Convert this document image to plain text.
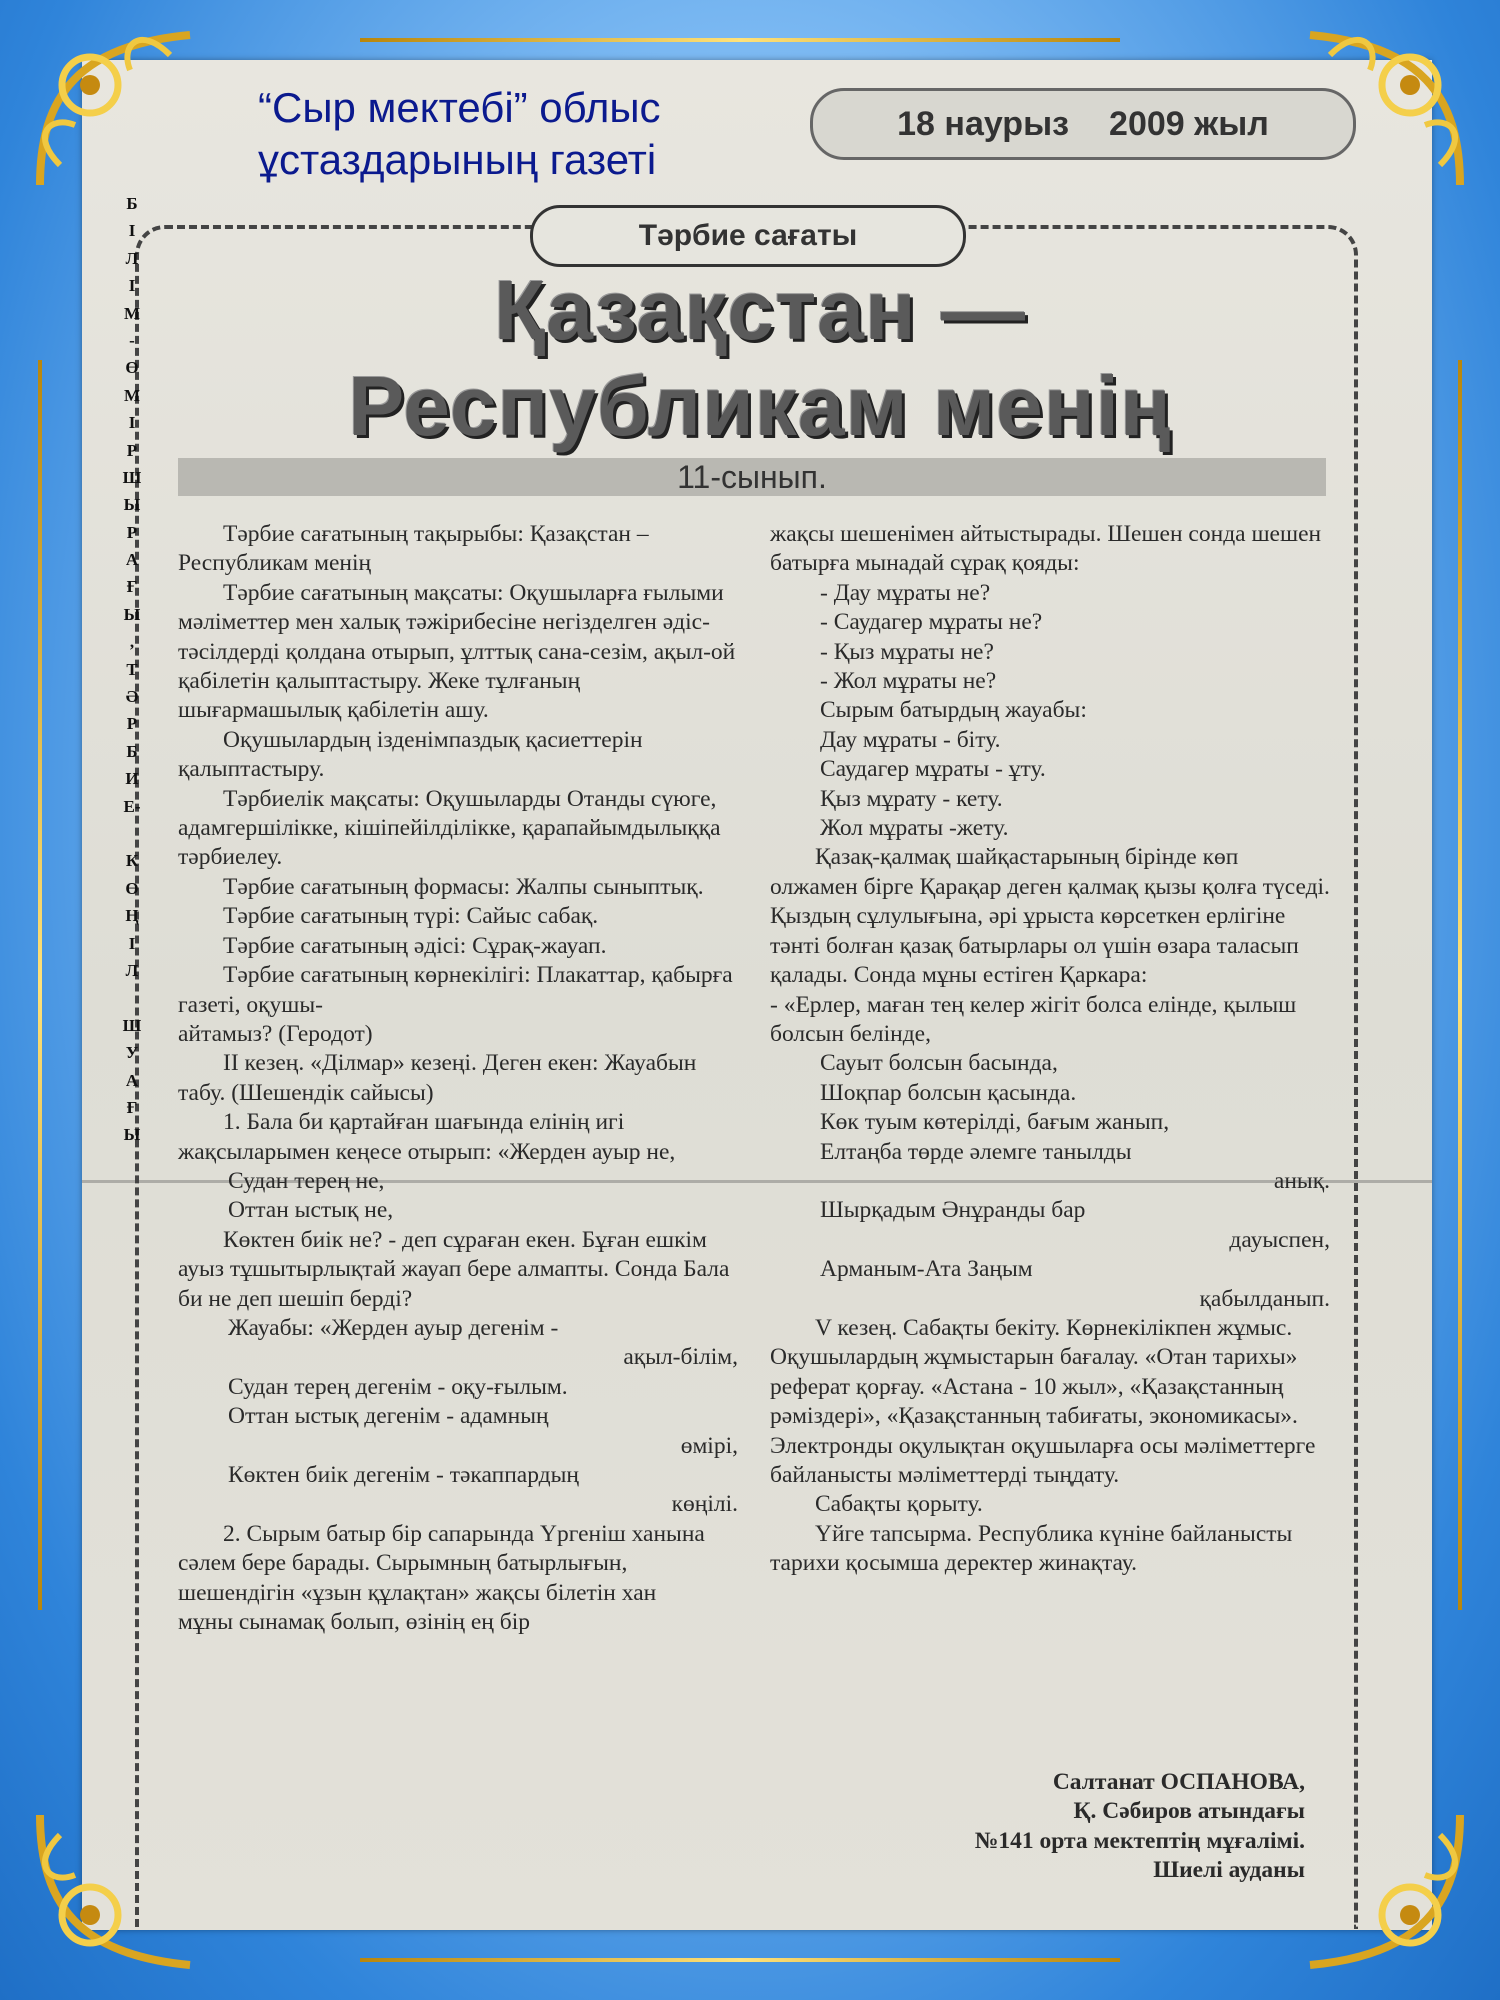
“Сыр мектебі” облыс
ұстаздарының газеті
18 наурыз 2009 жыл
Тәрбие сағаты
Қазақстан —
Республикам менің
11-сынып.

Тәрбие сағатының тақырыбы: Қазақстан – Республикам менің

Тәрбие сағатының мақсаты: Оқушыларға ғылыми мәліметтер мен халық тәжірибесіне негізделген әдіс-тәсілдерді қолдана отырып, ұлттық сана-сезім, ақыл-ой қабілетін қалыптастыру. Жеке тұлғаның шығармашылық қабілетін ашу.

Оқушылардың ізденімпаздық қасиеттерін қалыптастыру.

Тәрбиелік мақсаты: Оқушыларды Отанды сүюге, адамгершілікке, кішіпейілділікке, қарапайымдылыққа тәрбиелеу.

Тәрбие сағатының формасы: Жалпы сыныптық.

Тәрбие сағатының түрі: Сайыс сабақ.

Тәрбие сағатының әдісі: Сұрақ-жауап.

Тәрбие сағатының көрнекілігі: Плакаттар, қабырға газеті, оқушы-

айтамыз? (Геродот)

ІІ кезең. «Ділмар» кезеңі. Деген екен: Жауабын табу. (Шешендік сайысы)

1. Бала би қартайған шағында елінің игі жақсыларымен кеңесе отырып: «Жерден ауыр не,

Судан терең не,

Оттан ыстық не,

Көктен биік не? - деп сұраған екен. Бұған ешкім ауыз тұшытырлықтай жауап бере алмапты. Сонда Бала би не деп шешіп берді?

Жауабы: «Жерден ауыр дегенім -

ақыл-білім,

Судан терең дегенім - оқу-ғылым.

Оттан ыстық дегенім - адамның

өмірі,

Көктен биік дегенім - тәкаппардың

көңілі.

2. Сырым батыр бір сапарында Үргеніш ханына сәлем бере барады. Сырымның батырлығын, шешендігін «ұзын құлақтан» жақсы білетін хан

мұны сынамақ болып, өзінің ең бір

жақсы шешенімен айтыстырады. Шешен сонда шешен батырға мынадай сұрақ қояды:

- Дау мұраты не?

- Саудагер мұраты не?

- Қыз мұраты не?

- Жол мұраты не?

Сырым батырдың жауабы:

Дау мұраты - біту.

Саудагер мұраты - ұту.

Қыз мұрату - кету.

Жол мұраты -жету.

Қазақ-қалмақ шайқастарының бірінде көп олжамен бірге Қарақар деген қалмақ қызы қолға түседі. Қыздың сұлулығына, әрі ұрыста көрсеткен ерлігіне тәнті болған қазақ батырлары ол үшін өзара таласып қалады. Сонда мұны естіген Қаркара:

- «Ерлер, маған тең келер жігіт болса елінде, қылыш болсын белінде,

Сауыт болсын басында,

Шоқпар болсын қасында.

Көк туым көтерілді, бағым жанып,

Елтаңба төрде әлемге танылды

анық.

Шырқадым Әнұранды бар

дауыспен,

Арманым-Ата Заңым

қабылданып.

V кезең. Сабақты бекіту. Көрнекілікпен жұмыс. Оқушылардың жұмыстарын бағалау. «Отан тарихы» реферат қорғау. «Астана - 10 жыл», «Қазақстанның рәміздері», «Қазақстанның табиғаты, экономикасы». Электронды оқулықтан оқушыларға осы мәліметтерге байланысты мәліметтерді тыңдату.

Сабақты қорыту.

Үйге тапсырма. Республика күніне байланысты тарихи қосымша деректер жинақтау.

Салтанат ОСПАНОВА,
Қ. Сәбиров атындағы
№141 орта мектептің мұғалімі.
Шиелі ауданы
Б
І
Л
І
М
-
Ө
М
І
Р
Ш
Ы
Р
А
Ғ
Ы
,
Т
Ә
Р
Б
И
Е-
К
Ө
Ң
І
Л
Ш
У
А
Ғ
Ы
